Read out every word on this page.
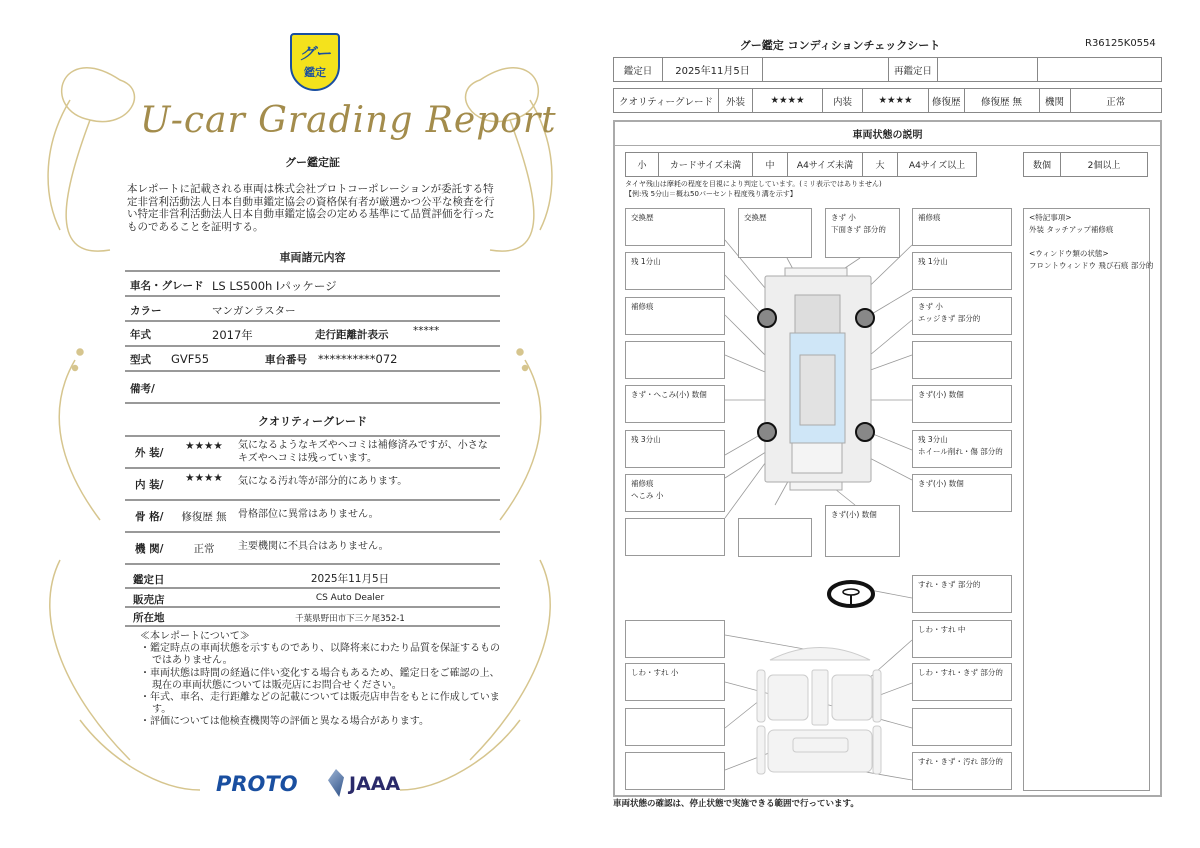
グー
鑑定
U-car Grading Report
グー鑑定証
本レポートに記載される車両は株式会社プロトコーポレーションが委託する特定非営利活動法人日本自動車鑑定協会の資格保有者が厳選かつ公平な検査を行い特定非営利活動法人日本自動車鑑定協会の定める基準にて品質評価を行ったものであることを証明する。
車両諸元内容
車名・グレード LS LS500h Iパッケージ
カラー	マンガンラスター
年式	2017年	走行距離計表示 *****
型式 GVF55	車台番号 **********072
備考/
クオリティーグレード
外 装/
★★★★	気になるようなキズやヘコミは補修済みですが、小さなキズやヘコミは残っています。
内 装/
★★★★	気になる汚れ等が部分的にあります。
骨 格/	修復歴 無	骨格部位に異常はありません。
機 関/	正常	主要機関に不具合はありません。
鑑定日	2025年11月5日
販売店	CS Auto Dealer
所在地	千葉県野田市下三ケ尾352-1
≪本レポートについて≫
・鑑定時点の車両状態を示すものであり、以降将来にわたり品質を保証するものではありません。
・車両状態は時間の経過に伴い変化する場合もあるため、鑑定日をご確認の上、現在の車両状態については販売店にお問合せください。
・年式、車名、走行距離などの記載については販売店申告をもとに作成しています。
・評価については他検査機関等の評価と異なる場合があります。
PROTO	JAAA
グー鑑定 コンディションチェックシート	R36125K0554
鑑定日	2025年11月5日		再鑑定日		
クオリティーグレード	外装	★★★★	内装	★★★★	修復歴	修復歴 無	機関	正常
車両状態の説明
小	カードサイズ未満	中	A4サイズ未満	大	A4サイズ以上	数個	2個以上
タイヤ残山は摩耗の程度を目視により判定しています。(ミリ表示ではありません)
【例:残 5分山＝概ね50パーセント程度残り溝を示す】
交換歴
残 1分山
補修痕
きず・へこみ(小) 数個
残 3分山
補修痕
へこみ 小
補修痕
残 1分山
きず 小
エッジきず 部分的
きず(小) 数個
残 3分山
ホイール削れ・傷 部分的
きず(小) 数個
交換歴	きず 小
下面きず 部分的
きず(小) 数個
しわ・すれ 小
すれ・きず 部分的
しわ・すれ 中
しわ・すれ・きず 部分的
すれ・きず・汚れ 部分的
<特記事項>
外装 タッチアップ補修痕
<ウィンドウ類の状態>
フロントウィンドウ 飛び石痕 部分的
車両状態の確認は、停止状態で実施できる範囲で行っています。
